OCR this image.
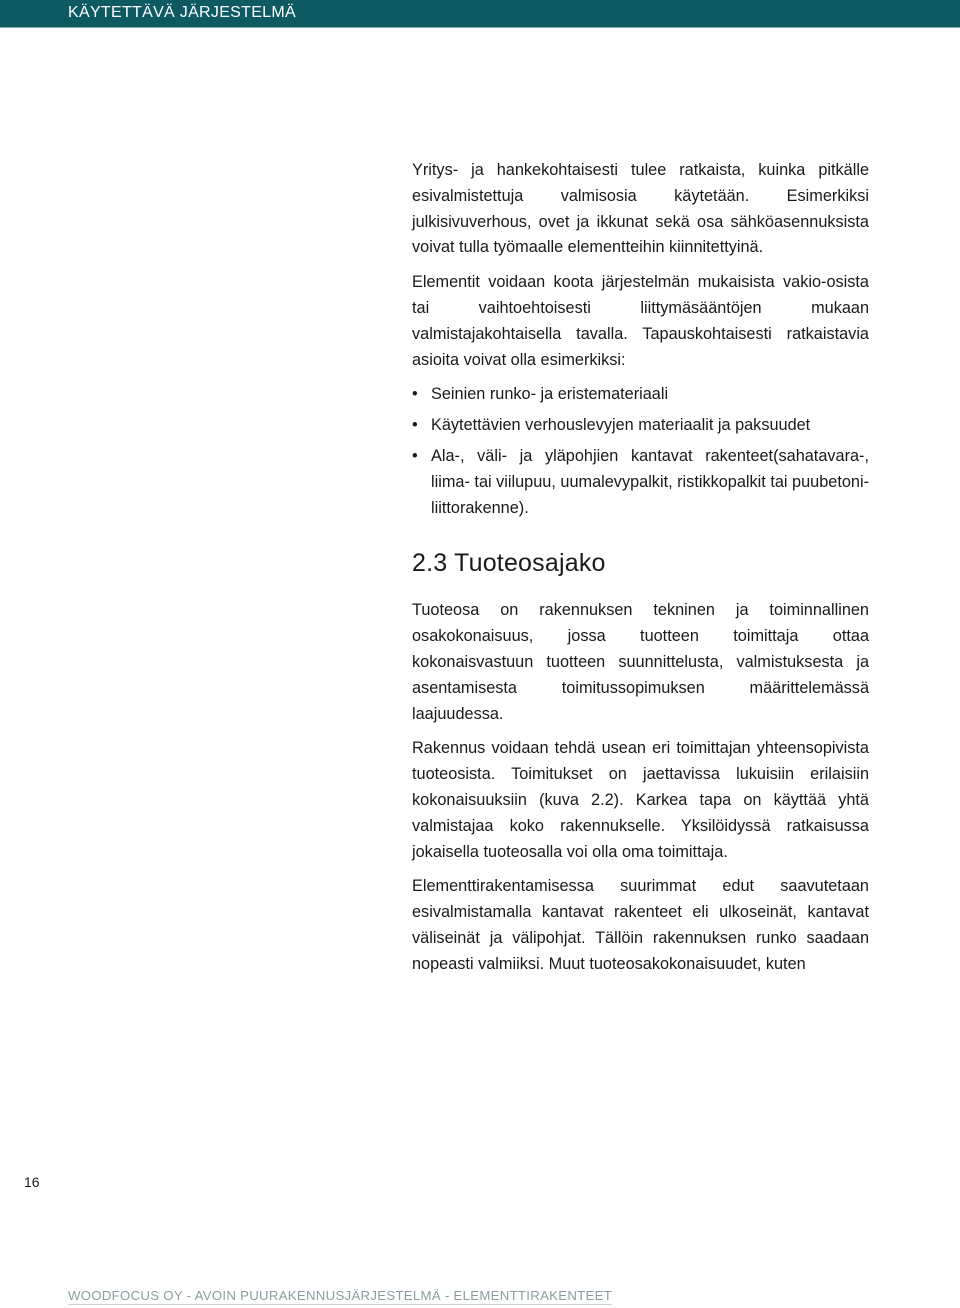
KÄYTETTÄVÄ JÄRJESTELMÄ

Yritys- ja hankekohtaisesti tulee ratkaista, kuinka pitkälle esivalmistettuja valmisosia käytetään. Esimerkiksi julkisivuverhous, ovet ja ikkunat sekä osa sähköasennuksista voivat tulla työmaalle elementteihin kiinnitettyinä.

Elementit voidaan koota järjestelmän mukaisista vakio-osista tai vaihtoehtoisesti liittymäsääntöjen mukaan valmistajakohtaisella tavalla. Tapauskohtaisesti ratkaistavia asioita voivat olla esimerkiksi:

• Seinien runko- ja eristemateriaali
• Käytettävien verhouslevyjen materiaalit ja paksuudet
• Ala-, väli- ja yläpohjien kantavat rakenteet(sahatavara-, liima- tai viilupuu, uumalevypalkit, ristikkopalkit tai puubetoni-liittorakenne).
2.3 Tuoteosajako

Tuoteosa on rakennuksen tekninen ja toiminnallinen osakokonaisuus, jossa tuotteen toimittaja ottaa kokonaisvastuun tuotteen suunnittelusta, valmistuksesta ja asentamisesta toimitussopimuksen määrittelemässä laajuudessa.

Rakennus voidaan tehdä usean eri toimittajan yhteensopivista tuoteosista. Toimitukset on jaettavissa lukuisiin erilaisiin kokonaisuuksiin (kuva 2.2). Karkea tapa on käyttää yhtä valmistajaa koko rakennukselle. Yksilöidyssä ratkaisussa jokaisella tuoteosalla voi olla oma toimittaja.

Elementtirakentamisessa suurimmat edut saavutetaan esivalmistamalla kantavat rakenteet eli ulkoseinät, kantavat väliseinät ja välipohjat. Tällöin rakennuksen runko saadaan nopeasti valmiiksi. Muut tuoteosakokonaisuudet, kuten

16
WOODFOCUS OY - AVOIN PUURAKENNUSJÄRJESTELMÄ - ELEMENTTIRAKENTEET
